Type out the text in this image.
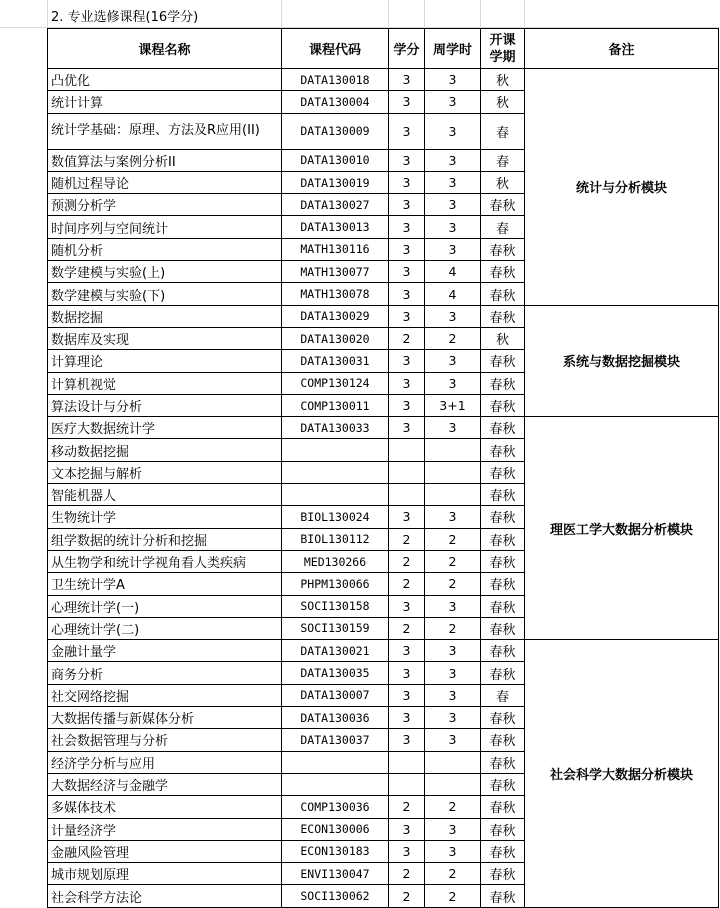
2. 专业选修课程(16学分)
课程名称	课程代码	学分	周学时	开课学期	备注
凸优化	DATA130018	3	3	秋	统计与分析模块
统计计算	DATA130004	3	3	秋	
统计学基础：原理、方法及R应用(II)	DATA130009	3	3	春	
数值算法与案例分析II	DATA130010	3	3	春	
随机过程导论	DATA130019	3	3	秋	
预测分析学	DATA130027	3	3	春秋	
时间序列与空间统计	DATA130013	3	3	春	
随机分析	MATH130116	3	3	春秋	
数学建模与实验(上)	MATH130077	3	4	春秋	
数学建模与实验(下)	MATH130078	3	4	春秋	
数据挖掘	DATA130029	3	3	春秋	系统与数据挖掘模块
数据库及实现	DATA130020	2	2	秋	
计算理论	DATA130031	3	3	春秋	
计算机视觉	COMP130124	3	3	春秋	
算法设计与分析	COMP130011	3	3+1	春秋	
医疗大数据统计学	DATA130033	3	3	春秋	理医工学大数据分析模块
移动数据挖掘				春秋	
文本挖掘与解析				春秋	
智能机器人				春秋	
生物统计学	BIOL130024	3	3	春秋	
组学数据的统计分析和挖掘	BIOL130112	2	2	春秋	
从生物学和统计学视角看人类疾病	MED130266	2	2	春秋	
卫生统计学A	PHPM130066	2	2	春秋	
心理统计学(一)	SOCI130158	3	3	春秋	
心理统计学(二)	SOCI130159	2	2	春秋	
金融计量学	DATA130021	3	3	春秋	社会科学大数据分析模块
商务分析	DATA130035	3	3	春秋	
社交网络挖掘	DATA130007	3	3	春	
大数据传播与新媒体分析	DATA130036	3	3	春秋	
社会数据管理与分析	DATA130037	3	3	春秋	
经济学分析与应用				春秋	
大数据经济与金融学				春秋	
多媒体技术	COMP130036	2	2	春秋	
计量经济学	ECON130006	3	3	春秋	
金融风险管理	ECON130183	3	3	春秋	
城市规划原理	ENVI130047	2	2	春秋	
社会科学方法论	SOCI130062	2	2	春秋	
